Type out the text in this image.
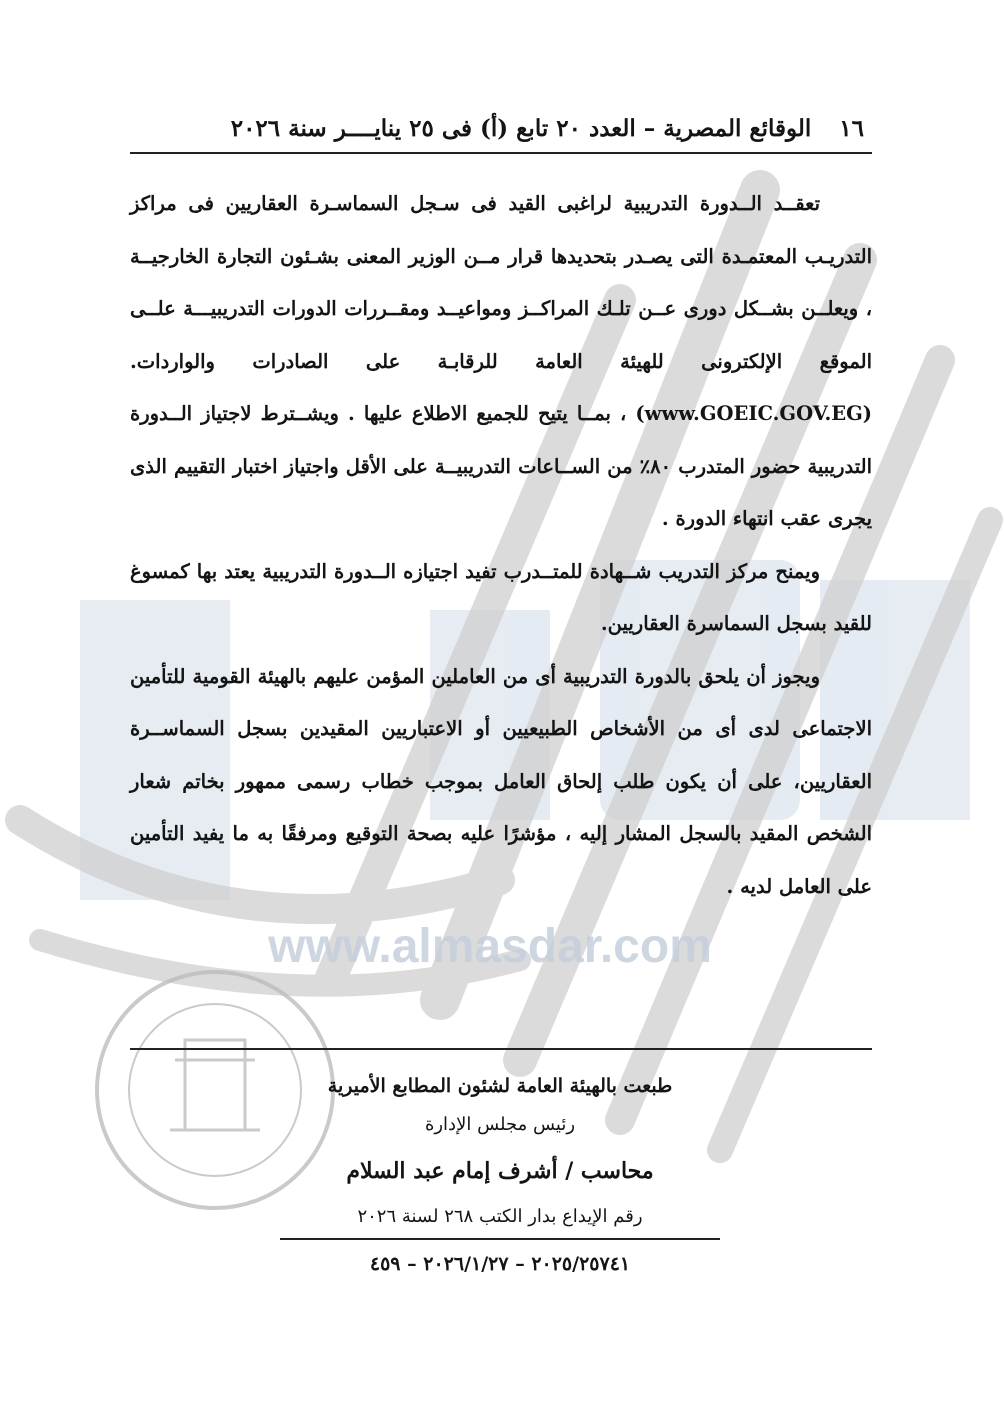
www.almasdar.com
١٦
الوقائع المصرية – العدد ٢٠ تابع (أ) فى ٢٥ ينايــــر سنة ٢٠٢٦

تعقــد الــدورة التدريبية لراغبى القيد فى سـجل السماسـرة العقاريين فى مراكز التدريـب المعتمـدة التى يصـدر بتحديدها قرار مــن الوزير المعنى بشـئون التجارة الخارجيــة ، ويعلــن بشــكل دورى عــن تلـك المراكــز ومواعيــد ومقــررات الدورات التدريبيـــة علــى الموقع الإلكترونى للهيئة العامة للرقابـة على الصادرات والواردات. (www.GOEIC.GOV.EG) ، بمــا يتيح للجميع الاطلاع عليها . ويشــترط لاجتياز الــدورة التدريبية حضور المتدرب ٨٠٪ من الســاعات التدريبيــة على الأقل واجتياز اختبار التقييم الذى يجرى عقب انتهاء الدورة .

ويمنح مركز التدريب شــهادة للمتــدرب تفيد اجتيازه الــدورة التدريبية يعتد بها كمسوغ للقيد بسجل السماسرة العقاريين.

ويجوز أن يلحق بالدورة التدريبية أى من العاملين المؤمن عليهم بالهيئة القومية للتأمين الاجتماعى لدى أى من الأشخاص الطبيعيين أو الاعتباريين المقيدين بسجل السماســرة العقاريين، على أن يكون طلب إلحاق العامل بموجب خطاب رسمى ممهور بخاتم شعار الشخص المقيد بالسجل المشار إليه ، مؤشرًا عليه بصحة التوقيع ومرفقًا به ما يفيد التأمين على العامل لديه .

طبعت بالهيئة العامة لشئون المطابع الأميرية
رئيس مجلس الإدارة
محاسب / أشرف إمام عبد السلام
رقم الإيداع بدار الكتب ٢٦٨ لسنة ٢٠٢٦
٢٠٢٥/٢٥٧٤١ – ٢٠٢٦/١/٢٧ – ٤٥٩
